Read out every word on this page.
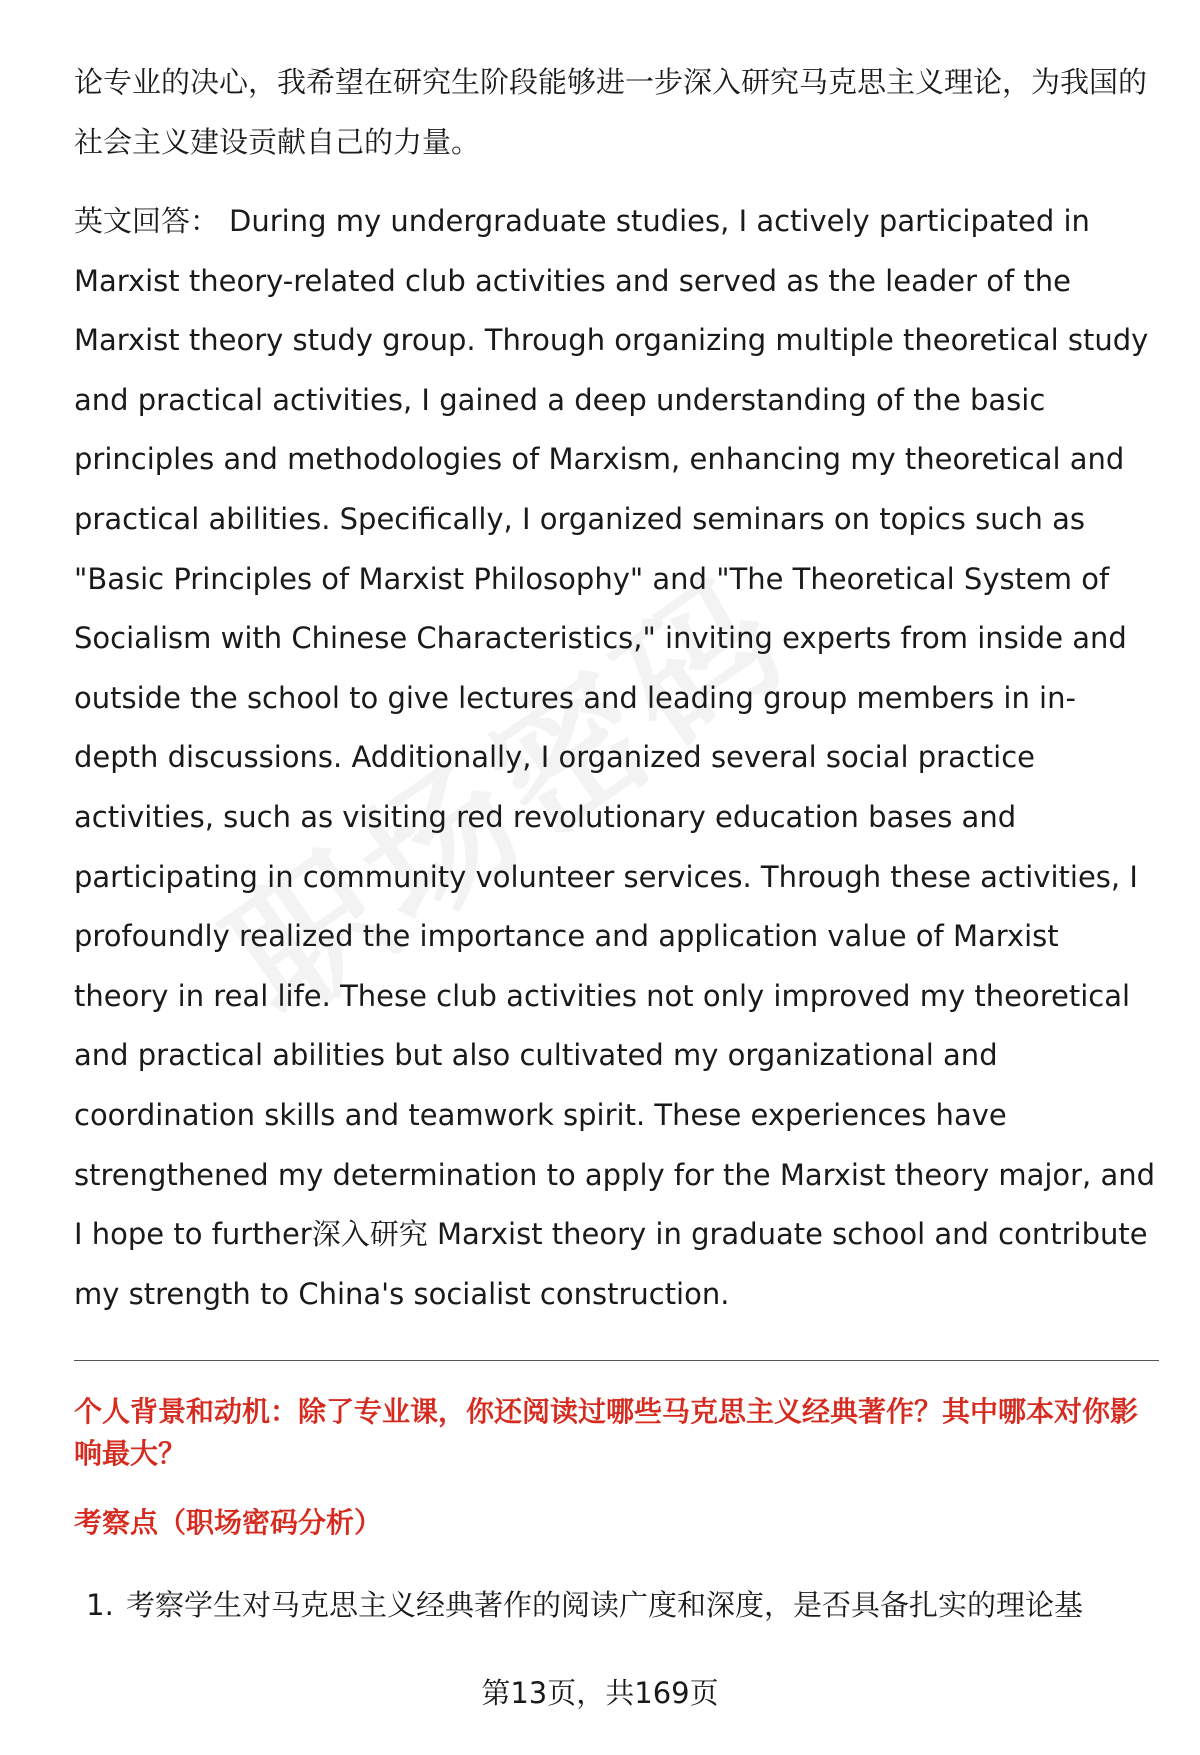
论专业的决心，我希望在研究生阶段能够进一步深入研究马克思主义理论，为我国的社会主义建设贡献自己的力量。

英文回答： During my undergraduate studies, I actively participated in Marxist theory-related club activities and served as the leader of the Marxist theory study group. Through organizing multiple theoretical study and practical activities, I gained a deep understanding of the basic principles and methodologies of Marxism, enhancing my theoretical and practical abilities. Specifically, I organized seminars on topics such as "Basic Principles of Marxist Philosophy" and "The Theoretical System of Socialism with Chinese Characteristics," inviting experts from inside and outside the school to give lectures and leading group members in in-depth discussions. Additionally, I organized several social practice activities, such as visiting red revolutionary education bases and participating in community volunteer services. Through these activities, I profoundly realized the importance and application value of Marxist theory in real life. These club activities not only improved my theoretical and practical abilities but also cultivated my organizational and coordination skills and teamwork spirit. These experiences have strengthened my determination to apply for the Marxist theory major, and I hope to further深入研究 Marxist theory in graduate school and contribute my strength to China's socialist construction.

个人背景和动机：除了专业课，你还阅读过哪些马克思主义经典著作？其中哪本对你影响最大？

考察点（职场密码分析）

1. 考察学生对马克思主义经典著作的阅读广度和深度，是否具备扎实的理论基
第13页，共169页
